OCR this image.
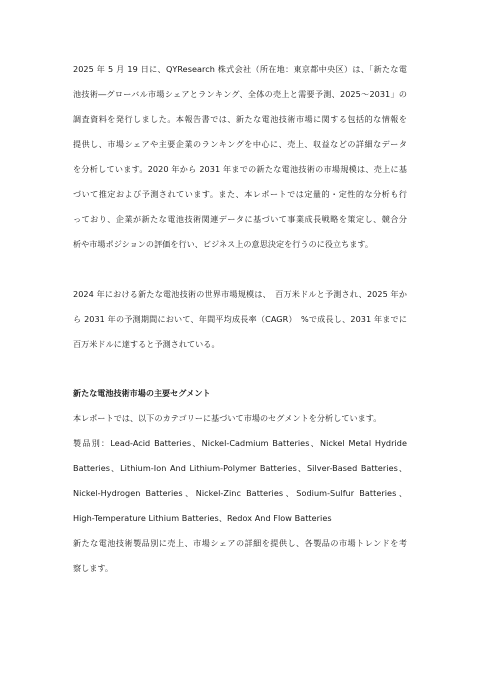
2025 年 5 月 19 日に、QYResearch 株式会社（所在地：東京都中央区）は、「新たな電
池技術―グローバル市場シェアとランキング、全体の売上と需要予測、2025〜2031」の
調査資料を発行しました。本報告書では、新たな電池技術市場に関する包括的な情報を
提供し、市場シェアや主要企業のランキングを中心に、売上、収益などの詳細なデータ
を分析しています。2020 年から 2031 年までの新たな電池技術の市場規模は、売上に基
づいて推定および予測されています。また、本レポートでは定量的・定性的な分析も行
っており、企業が新たな電池技術関連データに基づいて事業成長戦略を策定し、競合分
析や市場ポジションの評価を行い、ビジネス上の意思決定を行うのに役立ちます。
2024 年における新たな電池技術の世界市場規模は、　百万米ドルと予測され、2025 年か
ら 2031 年の予測期間において、年間平均成長率（CAGR）　%で成長し、2031 年までに
百万米ドルに達すると予測されている。
新たな電池技術市場の主要セグメント
本レポートでは、以下のカテゴリーに基づいて市場のセグメントを分析しています。
製品別：Lead-Acid Batteries、Nickel-Cadmium Batteries、Nickel Metal Hydride
Batteries、Lithium-Ion And Lithium-Polymer Batteries、Silver-Based Batteries、
Nickel-Hydrogen Batteries、Nickel-Zinc Batteries、Sodium-Sulfur Batteries、
High-Temperature Lithium Batteries、Redox And Flow Batteries
新たな電池技術製品別に売上、市場シェアの詳細を提供し、各製品の市場トレンドを考
察します。
